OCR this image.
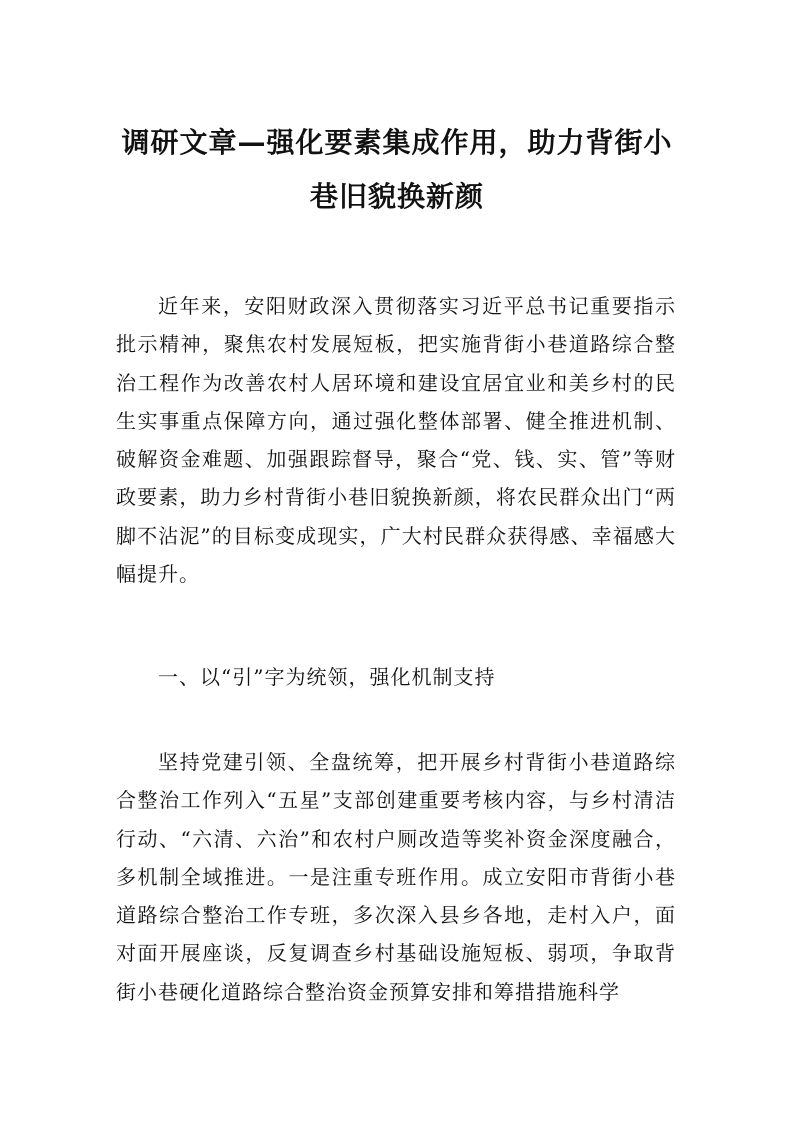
调研文章—强化要素集成作用，助力背街小巷旧貌换新颜

近年来，安阳财政深入贯彻落实习近平总书记重要指示批示精神，聚焦农村发展短板，把实施背街小巷道路综合整治工程作为改善农村人居环境和建设宜居宜业和美乡村的民生实事重点保障方向，通过强化整体部署、健全推进机制、破解资金难题、加强跟踪督导，聚合“党、钱、实、管”等财政要素，助力乡村背街小巷旧貌换新颜，将农民群众出门“两脚不沾泥”的目标变成现实，广大村民群众获得感、幸福感大幅提升。

一、以“引”字为统领，强化机制支持

坚持党建引领、全盘统筹，把开展乡村背街小巷道路综合整治工作列入“五星”支部创建重要考核内容，与乡村清洁行动、“六清、六治”和农村户厕改造等奖补资金深度融合，多机制全域推进。一是注重专班作用。成立安阳市背街小巷道路综合整治工作专班，多次深入县乡各地，走村入户，面对面开展座谈，反复调查乡村基础设施短板、弱项，争取背街小巷硬化道路综合整治资金预算安排和筹措措施科学
